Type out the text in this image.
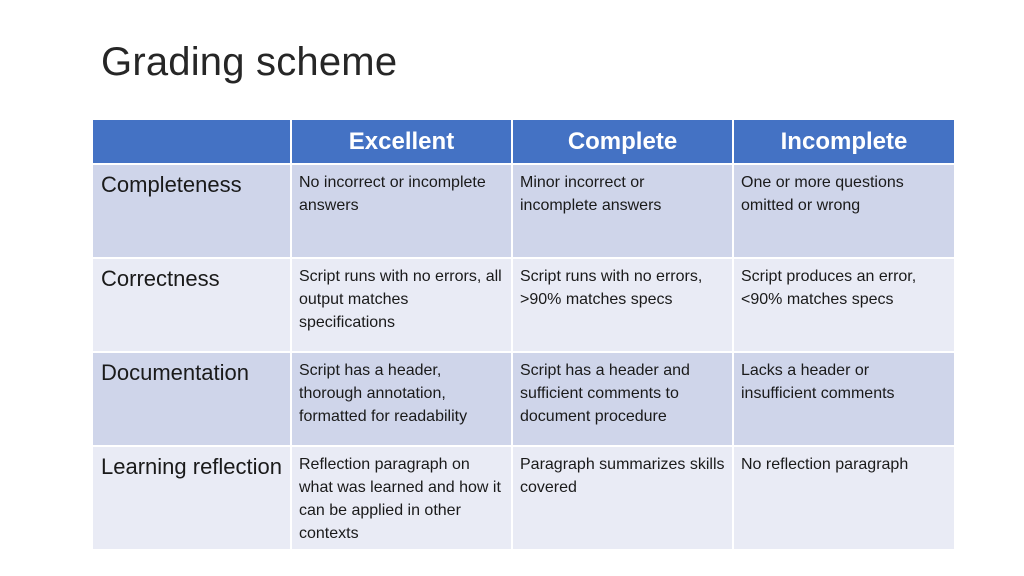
Grading scheme
	Excellent	Complete	Incomplete
Completeness	No incorrect or incomplete answers	Minor incorrect or incomplete answers	One or more questions omitted or wrong
Correctness	Script runs with no errors, all output matches specifications	Script runs with no errors, >90% matches specs	Script produces an error, <90% matches specs
Documentation	Script has a header, thorough annotation, formatted for readability	Script has a header and sufficient comments to document procedure	Lacks a header or insufficient comments
Learning reflection	Reflection paragraph on what was learned and how it can be applied in other contexts	Paragraph summarizes skills covered	No reflection paragraph
